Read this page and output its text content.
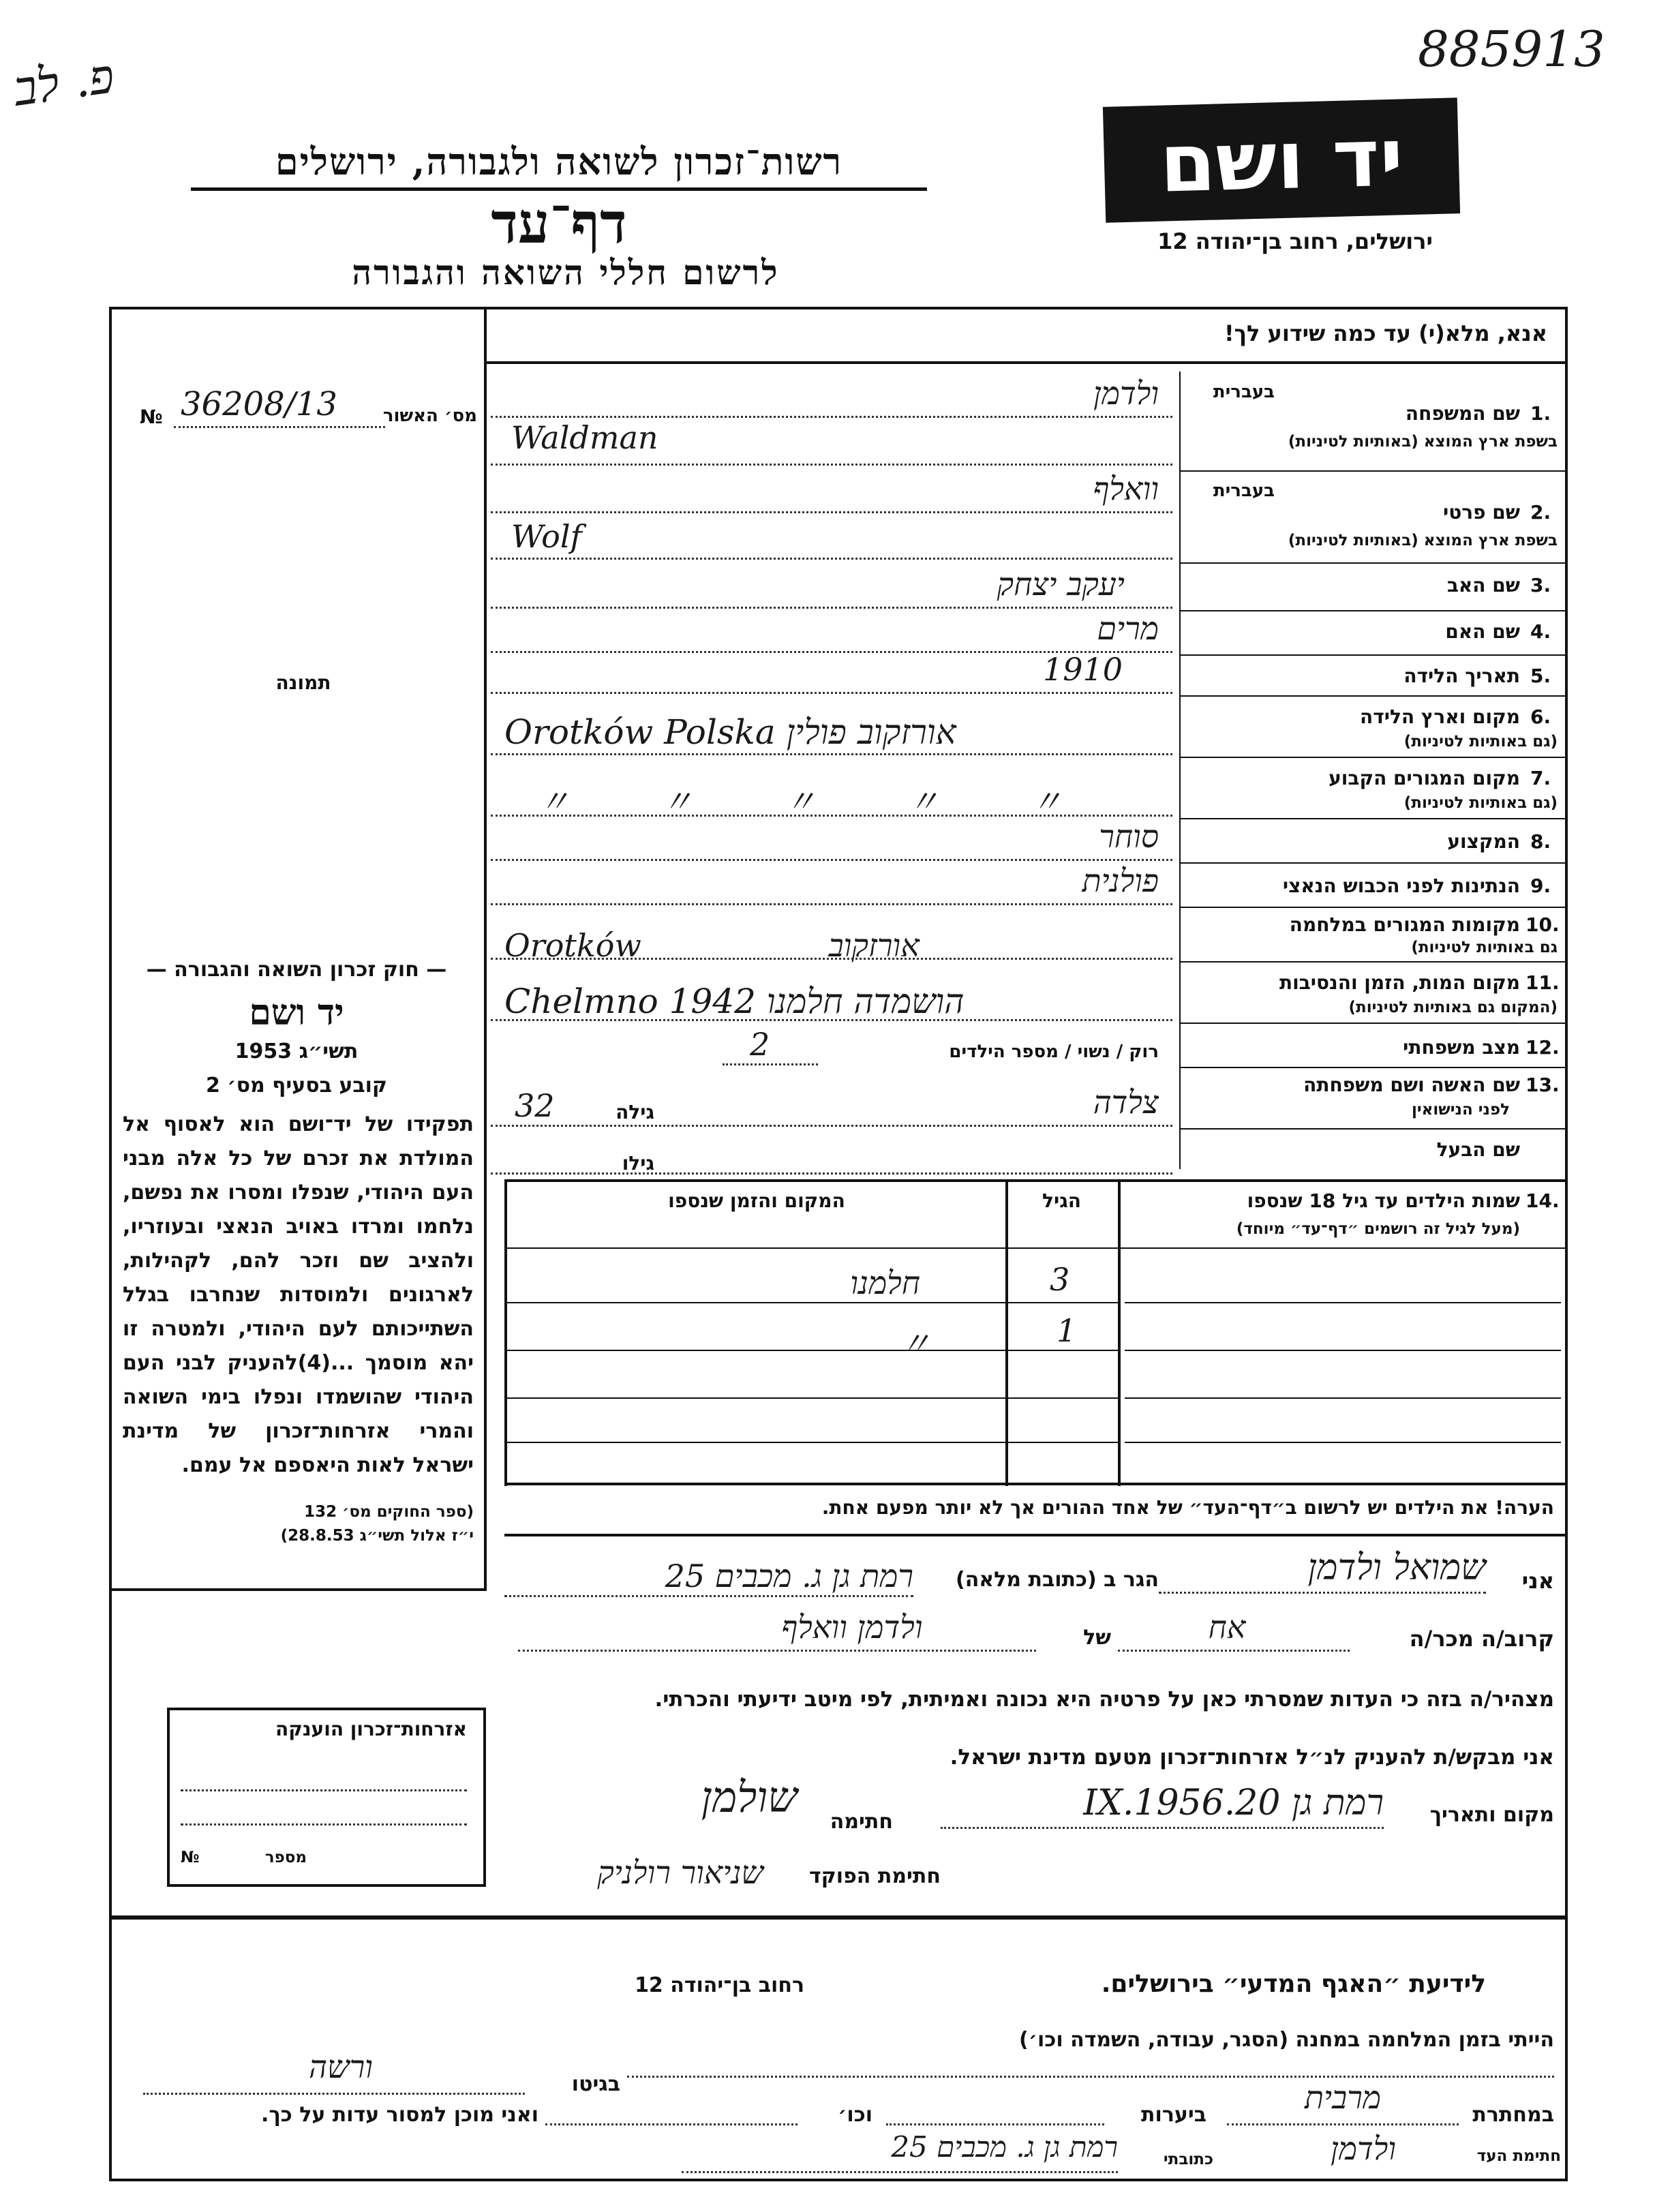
פ. לב	885913
רשות־זכרון לשואה ולגבורה, ירושלים
דף־עד
לרשום חללי השואה והגבורה
יד ושם
ירושלים, רחוב בן־יהודה 12
אנא, מלא(י) עד כמה שידוע לך!
№ 36208/13	מס׳ האשור
תמונה
1.
שם המשפחה
בשפת ארץ המוצא (באותיות לטיניות)
בעברית
ולדמן
Waldman
2.
שם פרטי
בשפת ארץ המוצא (באותיות לטיניות)
בעברית
וואלף
Wolf
3.
שם האב
יעקב יצחק
4.
שם האם
מרים
5.
תאריך הלידה
1910
6.
מקום וארץ הלידה
(גם באותיות לטיניות)
Orotków Polska אורזקוב פולין
7.
מקום המגורים הקבוע
(גם באותיות לטיניות)
〃 〃 〃 〃 〃
8.
המקצוע
סוחר
9.
הנתינות לפני הכבוש הנאצי
פולנית
10.
מקומות המגורים במלחמה
גם באותיות לטיניות)
Orotków אורזקוב
11.
מקום המות, הזמן והנסיבות
(המקום גם באותיות לטיניות)
Chelmno 1942 הושמדה חלמנו
12.
מצב משפחתי
רוק / נשוי / מספר הילדים
2
13.
שם האשה ושם משפחתה
לפני הנישואין
צלדה
גילה
32
שם הבעל
גילו
14.
שמות הילדים עד גיל 18 שנספו
(מעל לגיל זה רושמים ״דף־עד״ מיוחד)
הגיל
המקום והזמן שנספו
3
חלמנו
1
〃
הערה! את הילדים יש לרשום ב״דף־העד״ של אחד ההורים אך לא יותר מפעם אחת.
— חוק זכרון השואה והגבורה —
יד ושם
תשי״ג 1953
קובע בסעיף מס׳ 2
תפקידו של יד־ושם הוא לאסוף אל המולדת את זכרם של כל אלה מבני העם היהודי, שנפלו ומסרו את נפשם, נלחמו ומרדו באויב הנאצי ובעוזריו, ולהציב שם וזכר להם, לקהילות, לארגונים ולמוסדות שנחרבו בגלל השתייכותם לעם היהודי, ולמטרה זו יהא מוסמך ...(4)להעניק לבני העם היהודי שהושמדו ונפלו בימי השואה והמרי אזרחות־זכרון של מדינת ישראל לאות היאספם אל עמם.
(ספר החוקים מס׳ 132
י״ז אלול תשי״ג 28.8.53)
אני
שמואל ולדמן
הגר ב (כתובת מלאה)
רמת גן ג. מכבים 25
קרוב/ה מכר/ה
אח
של
ולדמן וואלף
מצהיר/ה בזה כי העדות שמסרתי כאן על פרטיה היא נכונה ואמיתית, לפי מיטב ידיעתי והכרתי.
אני מבקש/ת להעניק לנ״ל אזרחות־זכרון מטעם מדינת ישראל.
מקום ותאריך
רמת גן 20.IX.1956
חתימה
שולמן
חתימת הפוקד
שניאור רולניק
אזרחות־זכרון הוענקה
מספר
№
לידיעת ״האגף המדעי״ בירושלים.
רחוב בן־יהודה 12
הייתי בזמן המלחמה במחנה (הסגר, עבודה, השמדה וכו׳)
בגיטו
ורשה
במחתרת
מרבית
ביערות
וכו׳
ואני מוכן למסור עדות על כך.
חתימת העד
ולדמן
כתובתי
רמת גן ג. מכבים 25
